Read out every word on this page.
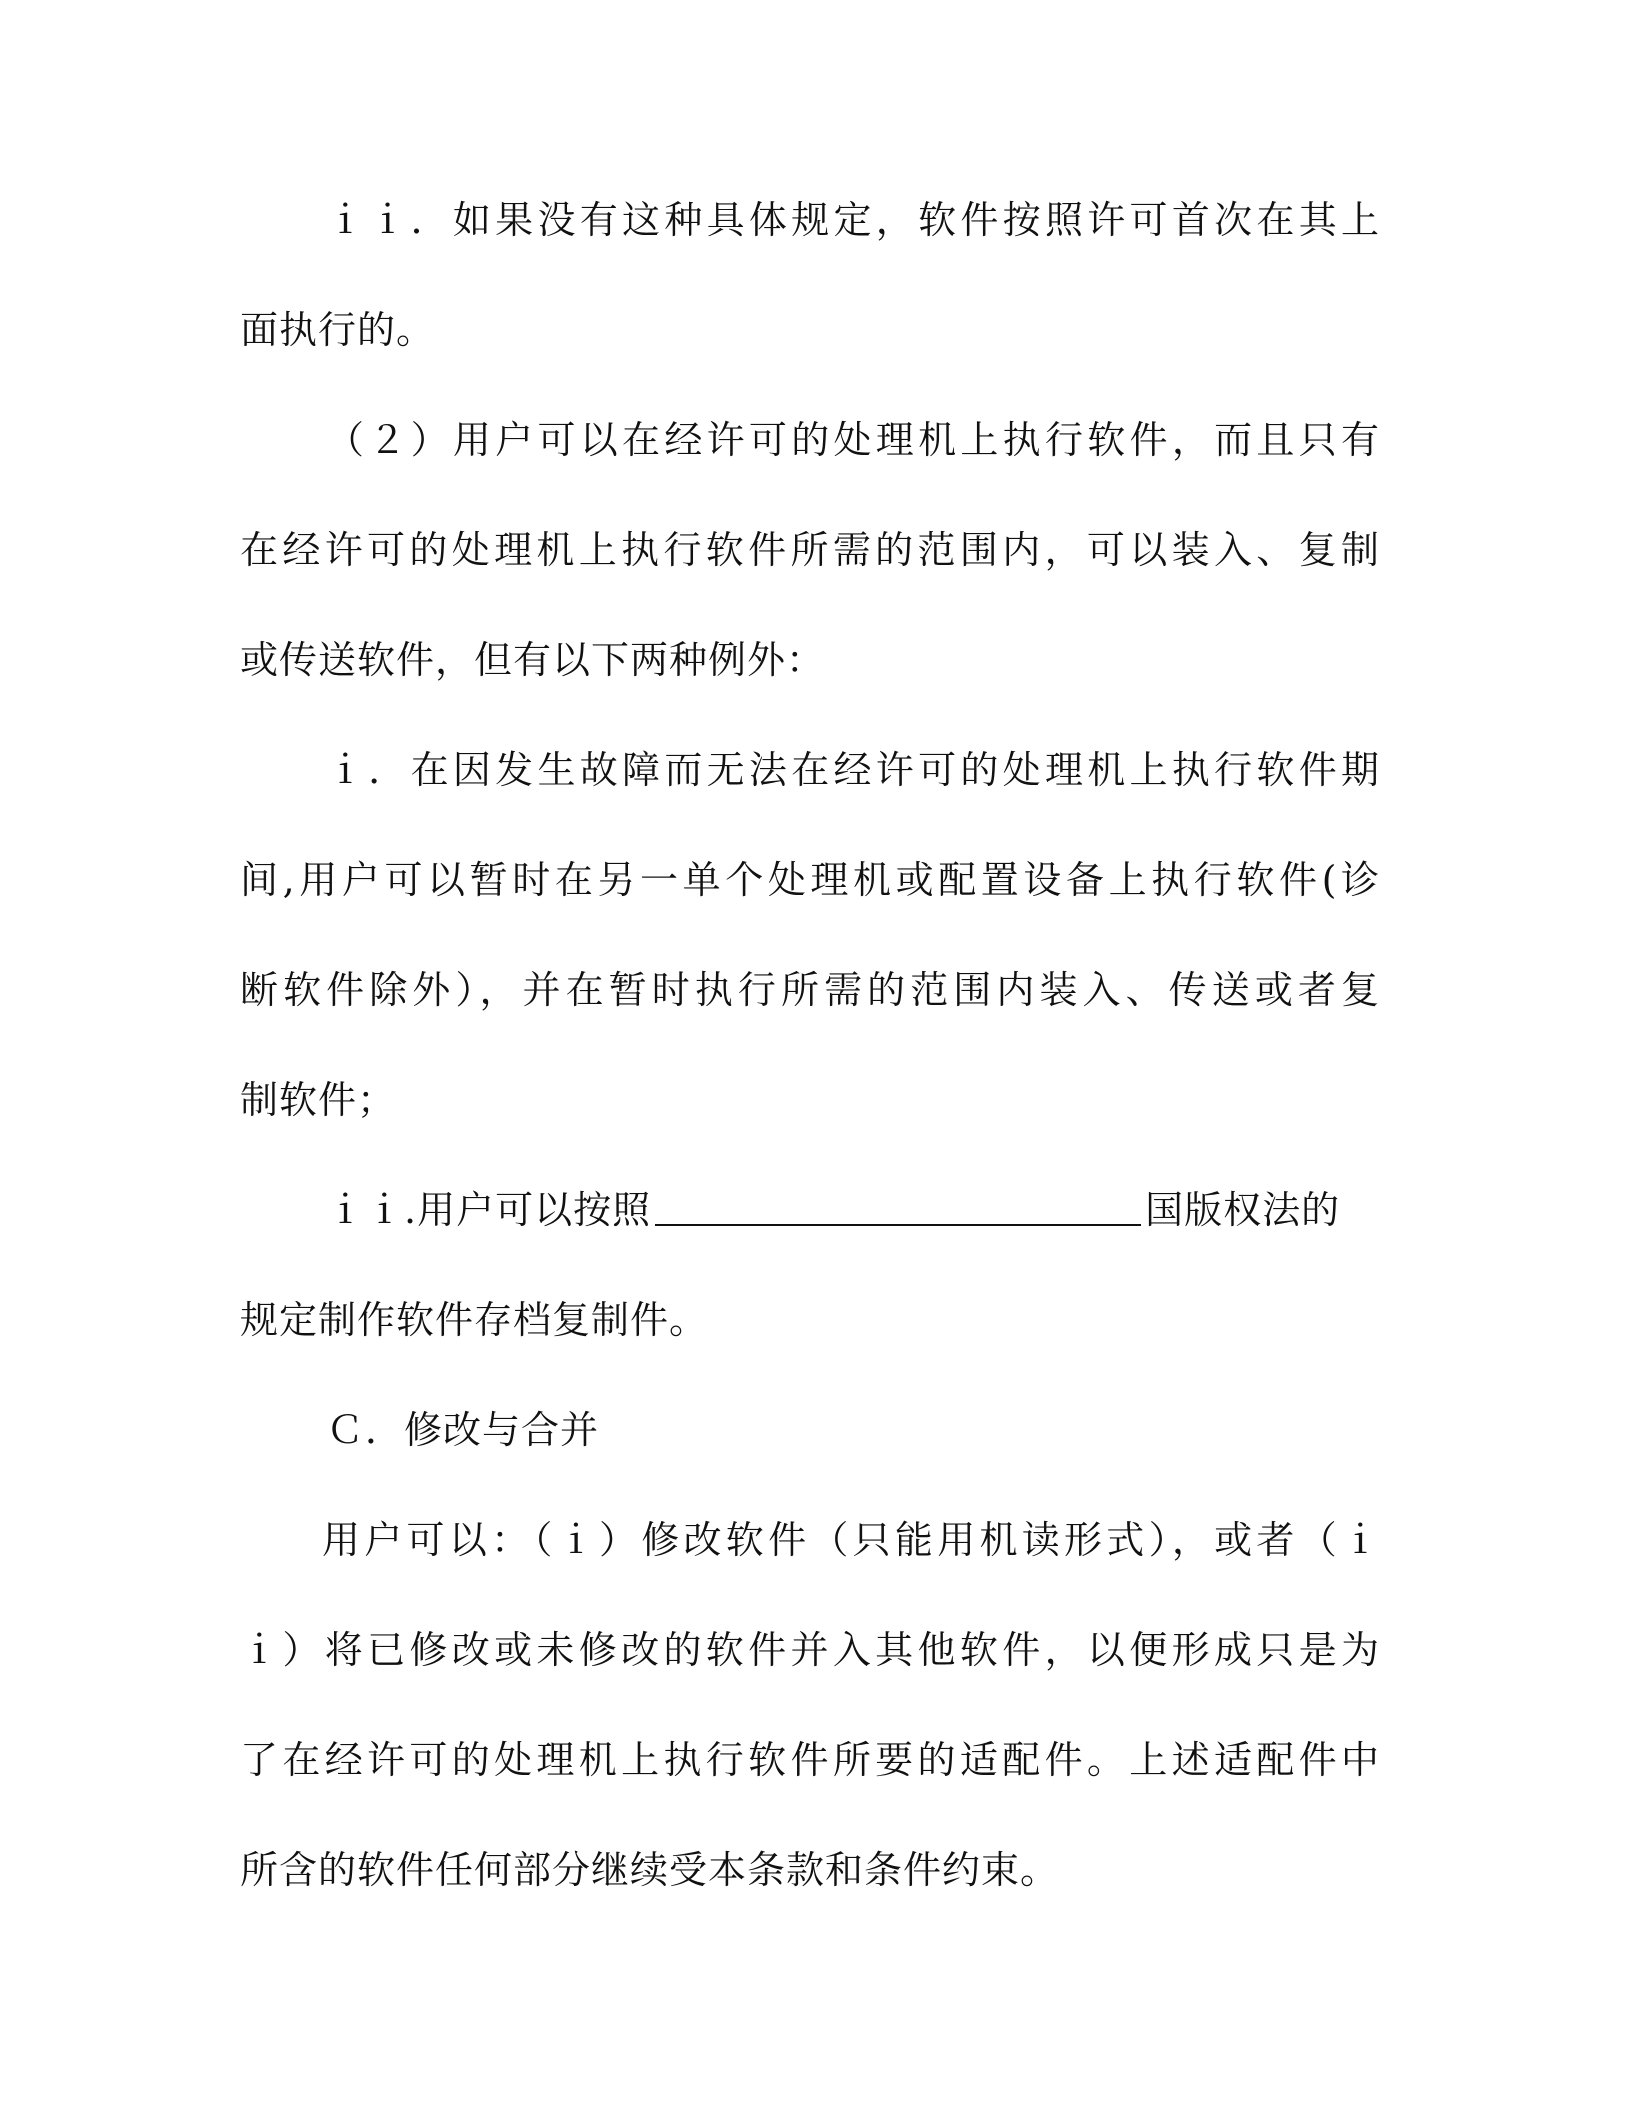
ｉｉ．如果没有这种具体规定，软件按照许可首次在其上
面执行的。
（２）用户可以在经许可的处理机上执行软件，而且只有
在经许可的处理机上执行软件所需的范围内，可以装入、复制
或传送软件，但有以下两种例外：
ｉ．在因发生故障而无法在经许可的处理机上执行软件期
间,用户可以暂时在另一单个处理机或配置设备上执行软件(诊
断软件除外），并在暂时执行所需的范围内装入、传送或者复
制软件；
ｉｉ.用户可以按照	国版权法的
规定制作软件存档复制件。
Ｃ．修改与合并
用户可以：（ｉ）修改软件（只能用机读形式），或者（ｉ
ｉ）将已修改或未修改的软件并入其他软件，以便形成只是为
了在经许可的处理机上执行软件所要的适配件。上述适配件中
所含的软件任何部分继续受本条款和条件约束。
